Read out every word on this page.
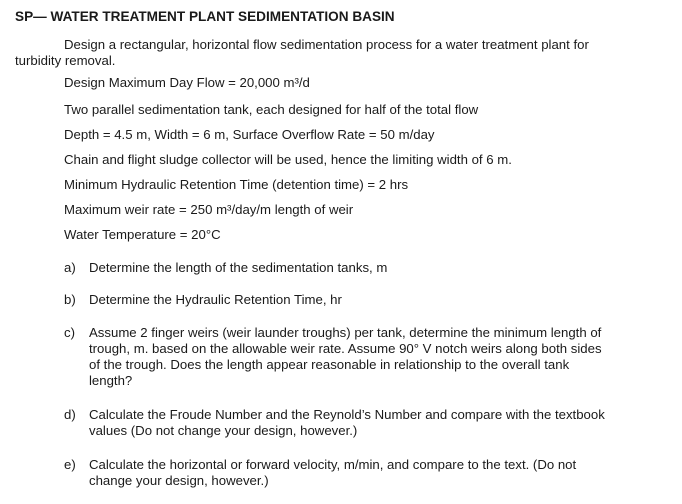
SP— WATER TREATMENT PLANT SEDIMENTATION BASIN
Design a rectangular, horizontal flow sedimentation process for a water treatment plant for
turbidity removal.
Design Maximum Day Flow = 20,000 m³/d
Two parallel sedimentation tank, each designed for half of the total flow
Depth = 4.5 m, Width = 6 m, Surface Overflow Rate = 50 m/day
Chain and flight sludge collector will be used, hence the limiting width of 6 m.
Minimum Hydraulic Retention Time (detention time) = 2 hrs
Maximum weir rate = 250 m³/day/m length of weir
Water Temperature = 20°C
a) Determine the length of the sedimentation tanks, m
b) Determine the Hydraulic Retention Time, hr
c) Assume 2 finger weirs (weir launder troughs) per tank, determine the minimum length of
trough, m. based on the allowable weir rate. Assume 90° V notch weirs along both sides
of the trough. Does the length appear reasonable in relationship to the overall tank
length?
d) Calculate the Froude Number and the Reynold’s Number and compare with the textbook
values (Do not change your design, however.)
e) Calculate the horizontal or forward velocity, m/min, and compare to the text. (Do not
change your design, however.)
